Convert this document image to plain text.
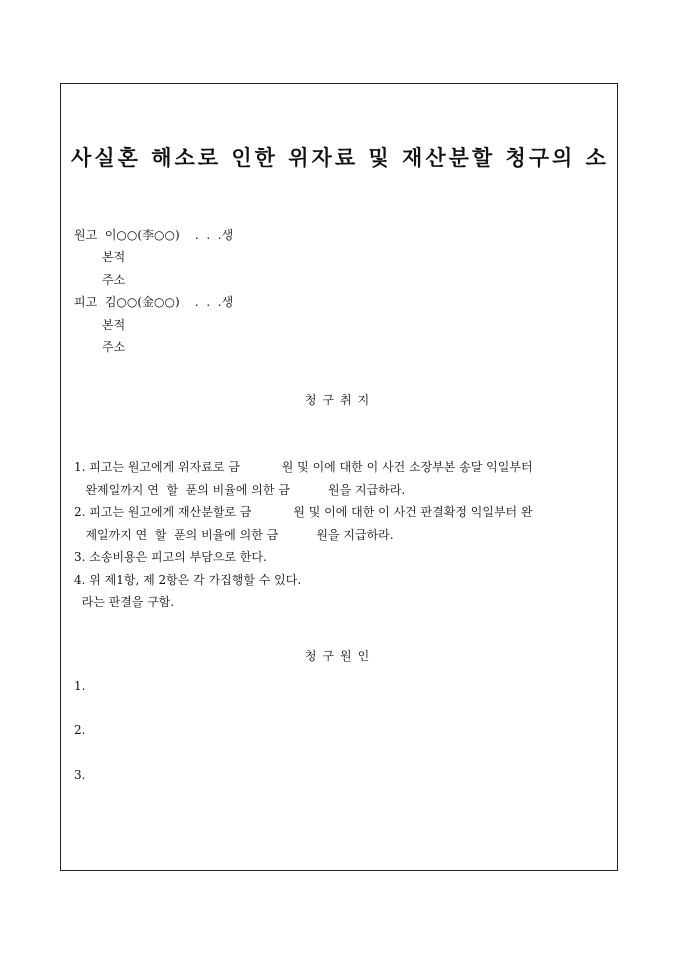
사실혼 해소로 인한 위자료 및 재산분할 청구의 소
원고  이○○(李○○)    .  .  .생
본적
주소
피고  김○○(金○○)    .  .  .생
본적
주소
청구취지
1. 피고는 원고에게 위자료로 금           원 및 이에 대한 이 사건 소장부본 송달 익일부터
완제일까지 연  할  푼의 비율에 의한 금          원을 지급하라.
2. 피고는 원고에게 재산분할로 금           원 및 이에 대한 이 사건 판결확정 익일부터 완
제일까지 연  할  푼의 비율에 의한 금          원을 지급하라.
3. 소송비용은 피고의 부담으로 한다.
4. 위 제1항, 제 2항은 각 가집행할 수 있다.
라는 판결을 구함.
청구원인
1.
2.
3.
